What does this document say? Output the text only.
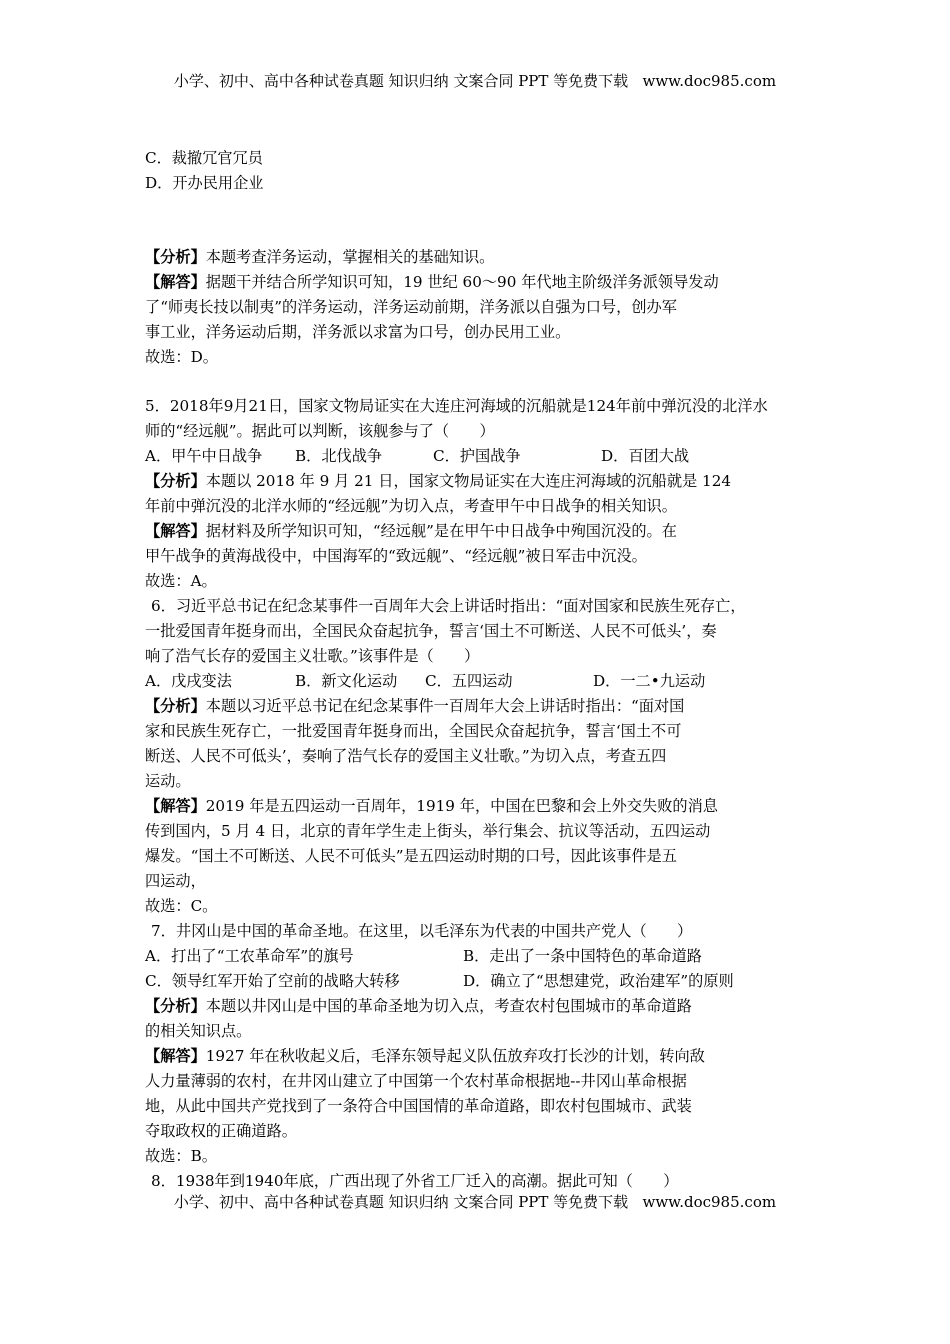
小学、初中、高中各种试卷真题 知识归纳 文案合同 PPT 等免费下载   www.doc985.com

C．裁撤冗官冗员

D．开办民用企业

【分析】本题考查洋务运动，掌握相关的基础知识。

【解答】据题干并结合所学知识可知，19 世纪 60～90 年代地主阶级洋务派领导发动

了“师夷长技以制夷”的洋务运动，洋务运动前期，洋务派以自强为口号，创办军

事工业，洋务运动后期，洋务派以求富为口号，创办民用工业。

故选：D。

5．2018年9月21日，国家文物局证实在大连庄河海域的沉船就是124年前中弹沉没的北洋水

师的“经远舰”。据此可以判断，该舰参与了（　　）

A．甲午中日战争	B．北伐战争	C．护国战争	D．百团大战

【分析】本题以 2018 年 9 月 21 日，国家文物局证实在大连庄河海域的沉船就是 124

年前中弹沉没的北洋水师的“经远舰”为切入点，考查甲午中日战争的相关知识。

【解答】据材料及所学知识可知，“经远舰”是在甲午中日战争中殉国沉没的。在

甲午战争的黄海战役中，中国海军的“致远舰”、“经远舰”被日军击中沉没。

故选：A。

6．习近平总书记在纪念某事件一百周年大会上讲话时指出：“面对国家和民族生死存亡，

一批爱国青年挺身而出，全国民众奋起抗争，誓言‘国土不可断送、人民不可低头’，奏

响了浩气长存的爱国主义壮歌。”该事件是（　　）

A．戊戌变法	B．新文化运动	C．五四运动	D．一二•九运动

【分析】本题以习近平总书记在纪念某事件一百周年大会上讲话时指出：“面对国

家和民族生死存亡，一批爱国青年挺身而出，全国民众奋起抗争，誓言‘国土不可

断送、人民不可低头’，奏响了浩气长存的爱国主义壮歌。”为切入点，考查五四

运动。

【解答】2019 年是五四运动一百周年，1919 年，中国在巴黎和会上外交失败的消息

传到国内，5 月 4 日，北京的青年学生走上街头，举行集会、抗议等活动，五四运动

爆发。“国土不可断送、人民不可低头”是五四运动时期的口号，因此该事件是五

四运动，

故选：C。

7．井冈山是中国的革命圣地。在这里，以毛泽东为代表的中国共产党人（　　）

A．打出了“工农革命军”的旗号	B．走出了一条中国特色的革命道路

C．领导红军开始了空前的战略大转移	D．确立了“思想建党，政治建军”的原则

【分析】本题以井冈山是中国的革命圣地为切入点，考查农村包围城市的革命道路

的相关知识点。

【解答】1927 年在秋收起义后，毛泽东领导起义队伍放弃攻打长沙的计划，转向敌

人力量薄弱的农村，在井冈山建立了中国第一个农村革命根据地--井冈山革命根据

地，从此中国共产党找到了一条符合中国国情的革命道路，即农村包围城市、武装

夺取政权的正确道路。

故选：B。

8．1938年到1940年底，广西出现了外省工厂迁入的高潮。据此可知（　　）

小学、初中、高中各种试卷真题 知识归纳 文案合同 PPT 等免费下载   www.doc985.com
